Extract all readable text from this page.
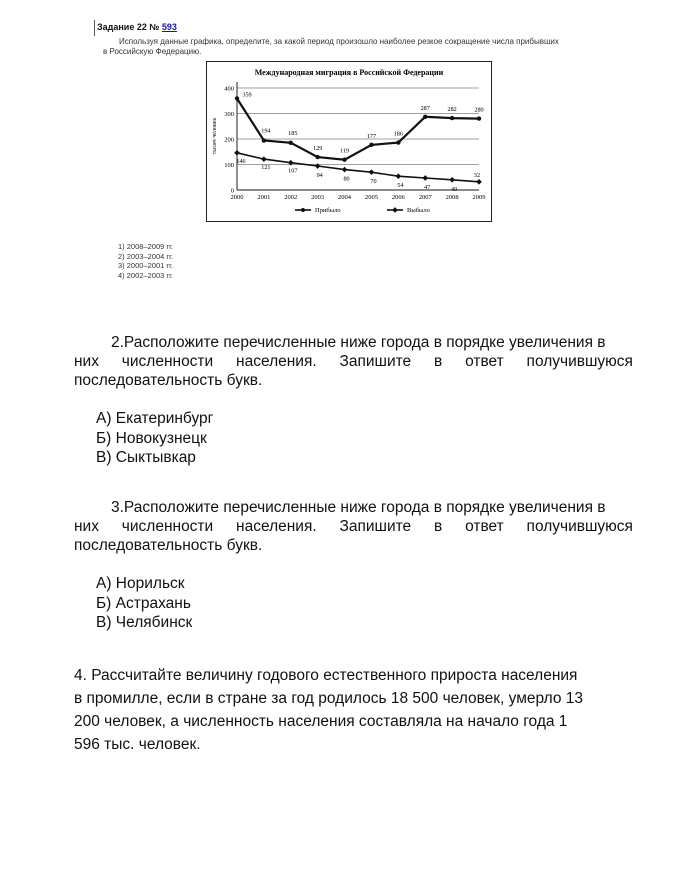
Задание 22 № 593
Используя данные графика, определите, за какой период произошло наиболее резкое сокращение числа прибывших
в Российскую Федерацию.
Международная миграция в Российской Федерации
тысяч человек
0
100
200
300
400
2000 2001 2002 2003 2004 2005 2006 2007 2008 2009
359
194	185
129	119
177	186
287	282	280
146
121
107
94
80	70
54	47	40
32
Прибыло	Выбыло
1) 2008–2009 гг.
2) 2003–2004 гг.
3) 2000–2001 гг.
4) 2002–2003 гг.
2.Расположите перечисленные ниже города в порядке увеличения в
них численности населения. Запишите в ответ получившуюся
последовательность букв.
А) Екатеринбург
Б) Новокузнецк
В) Сыктывкар
3.Расположите перечисленные ниже города в порядке увеличения в
них численности населения. Запишите в ответ получившуюся
последовательность букв.
А) Норильск
Б) Астрахань
В) Челябинск
4. Рассчитайте величину годового естественного прироста населения
в промилле, если в стране за год родилось 18 500 человек, умерло 13
200 человек, а численность населения составляла на начало года 1
596 тыс. человек.
